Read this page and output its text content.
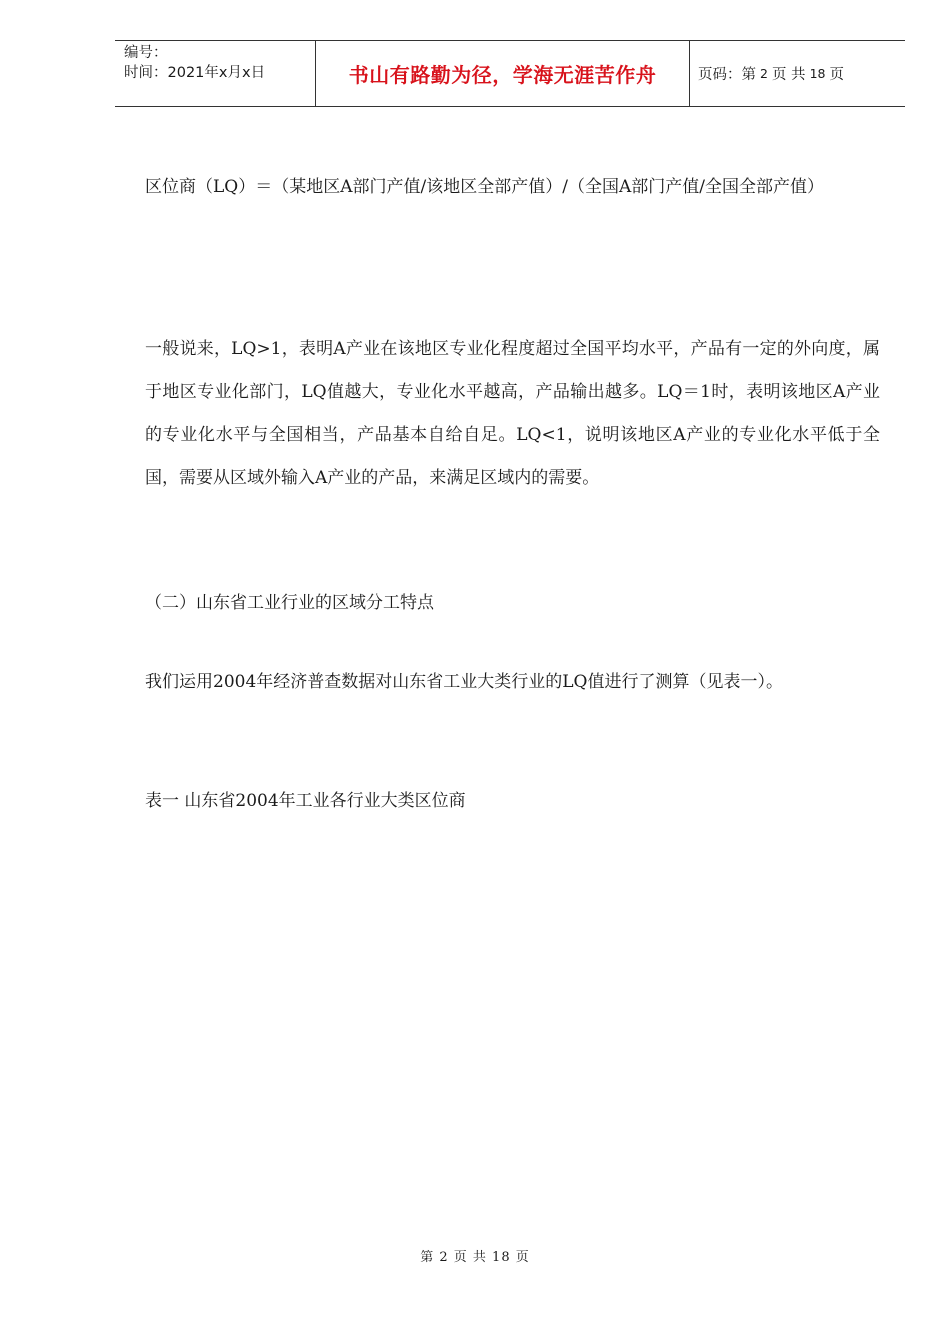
编号：
时间：2021年x月x日	书山有路勤为径，学海无涯苦作舟	页码：第 2 页 共 18 页

区位商（LQ）＝（某地区A部门产值/该地区全部产值）/（全国A部门产值/全国全部产值）

一般说来，LQ>1，表明A产业在该地区专业化程度超过全国平均水平，产品有一定的外向度，属于地区专业化部门，LQ值越大，专业化水平越高，产品输出越多。LQ＝1时，表明该地区A产业的专业化水平与全国相当，产品基本自给自足。LQ<1，说明该地区A产业的专业化水平低于全国，需要从区域外输入A产业的产品，来满足区域内的需要。

（二）山东省工业行业的区域分工特点

我们运用2004年经济普查数据对山东省工业大类行业的LQ值进行了测算（见表一）。

表一 山东省2004年工业各行业大类区位商

第 2 页 共 18 页
